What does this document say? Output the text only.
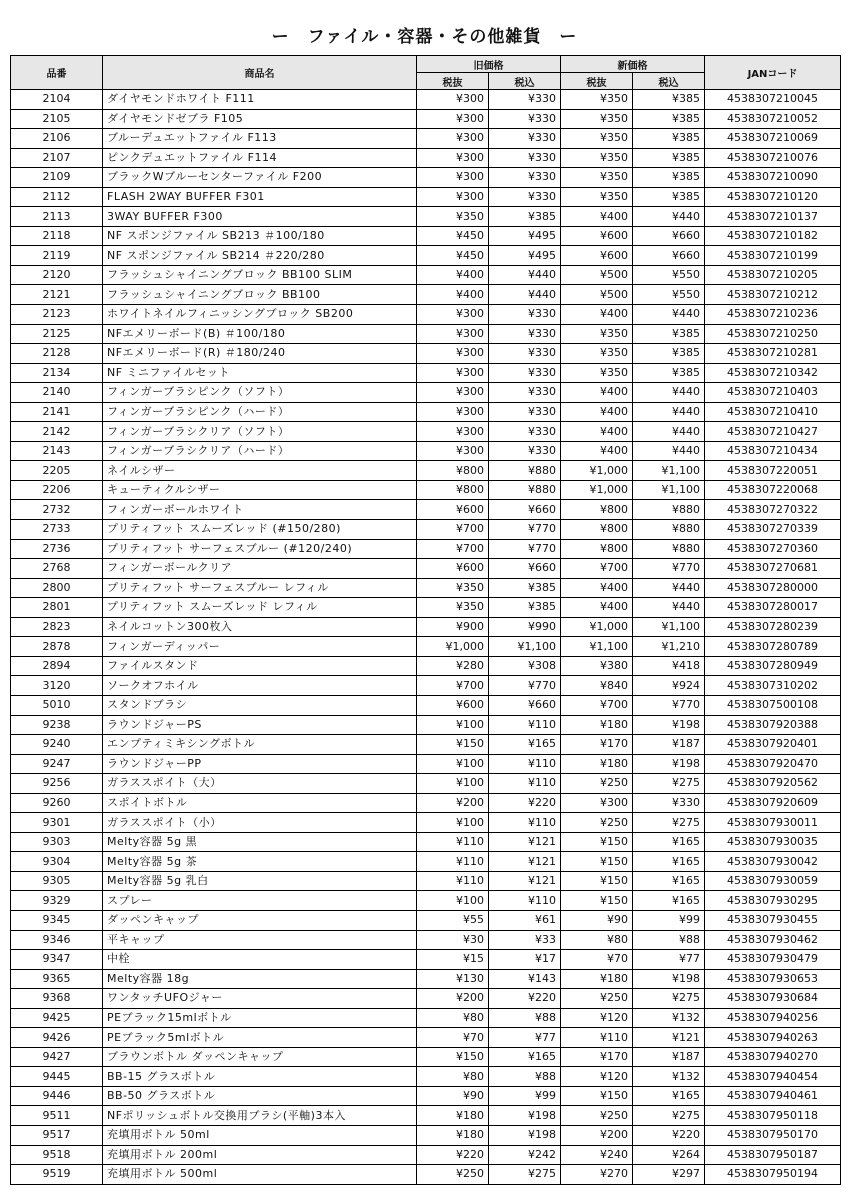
ー　ファイル・容器・その他雑貨　ー
品番	商品名	旧価格		新価格		JANコード
		税抜	税込	税抜	税込	
2104	ダイヤモンドホワイト F111	¥300	¥330	¥350	¥385	4538307210045
2105	ダイヤモンドゼブラ F105	¥300	¥330	¥350	¥385	4538307210052
2106	ブルーデュエットファイル F113	¥300	¥330	¥350	¥385	4538307210069
2107	ピンクデュエットファイル F114	¥300	¥330	¥350	¥385	4538307210076
2109	ブラックWブルーセンターファイル F200	¥300	¥330	¥350	¥385	4538307210090
2112	FLASH 2WAY BUFFER F301	¥300	¥330	¥350	¥385	4538307210120
2113	3WAY BUFFER F300	¥350	¥385	¥400	¥440	4538307210137
2118	NF スポンジファイル SB213 ＃100/180	¥450	¥495	¥600	¥660	4538307210182
2119	NF スポンジファイル SB214 ＃220/280	¥450	¥495	¥600	¥660	4538307210199
2120	フラッシュシャイニングブロック BB100 SLIM	¥400	¥440	¥500	¥550	4538307210205
2121	フラッシュシャイニングブロック BB100	¥400	¥440	¥500	¥550	4538307210212
2123	ホワイトネイルフィニッシングブロック SB200	¥300	¥330	¥400	¥440	4538307210236
2125	NFエメリーボード(B) ＃100/180	¥300	¥330	¥350	¥385	4538307210250
2128	NFエメリーボード(R) ＃180/240	¥300	¥330	¥350	¥385	4538307210281
2134	NF ミニファイルセット	¥300	¥330	¥350	¥385	4538307210342
2140	フィンガーブラシピンク（ソフト）	¥300	¥330	¥400	¥440	4538307210403
2141	フィンガーブラシピンク（ハード）	¥300	¥330	¥400	¥440	4538307210410
2142	フィンガーブラシクリア（ソフト）	¥300	¥330	¥400	¥440	4538307210427
2143	フィンガーブラシクリア（ハード）	¥300	¥330	¥400	¥440	4538307210434
2205	ネイルシザー	¥800	¥880	¥1,000	¥1,100	4538307220051
2206	キューティクルシザー	¥800	¥880	¥1,000	¥1,100	4538307220068
2732	フィンガーボールホワイト	¥600	¥660	¥800	¥880	4538307270322
2733	プリティフット スムーズレッド (#150/280)	¥700	¥770	¥800	¥880	4538307270339
2736	プリティフット サーフェスブルー (#120/240)	¥700	¥770	¥800	¥880	4538307270360
2768	フィンガーボールクリア	¥600	¥660	¥700	¥770	4538307270681
2800	プリティフット サーフェスブルー レフィル	¥350	¥385	¥400	¥440	4538307280000
2801	プリティフット スムーズレッド レフィル	¥350	¥385	¥400	¥440	4538307280017
2823	ネイルコットン300枚入	¥900	¥990	¥1,000	¥1,100	4538307280239
2878	フィンガーディッパー	¥1,000	¥1,100	¥1,100	¥1,210	4538307280789
2894	ファイルスタンド	¥280	¥308	¥380	¥418	4538307280949
3120	ソークオフホイル	¥700	¥770	¥840	¥924	4538307310202
5010	スタンドブラシ	¥600	¥660	¥700	¥770	4538307500108
9238	ラウンドジャーPS	¥100	¥110	¥180	¥198	4538307920388
9240	エンプティミキシングボトル	¥150	¥165	¥170	¥187	4538307920401
9247	ラウンドジャーPP	¥100	¥110	¥180	¥198	4538307920470
9256	ガラススポイト（大）	¥100	¥110	¥250	¥275	4538307920562
9260	スポイトボトル	¥200	¥220	¥300	¥330	4538307920609
9301	ガラススポイト（小）	¥100	¥110	¥250	¥275	4538307930011
9303	Melty容器 5g 黒	¥110	¥121	¥150	¥165	4538307930035
9304	Melty容器 5g 茶	¥110	¥121	¥150	¥165	4538307930042
9305	Melty容器 5g 乳白	¥110	¥121	¥150	¥165	4538307930059
9329	スプレー	¥100	¥110	¥150	¥165	4538307930295
9345	ダッペンキャップ	¥55	¥61	¥90	¥99	4538307930455
9346	平キャップ	¥30	¥33	¥80	¥88	4538307930462
9347	中栓	¥15	¥17	¥70	¥77	4538307930479
9365	Melty容器 18g	¥130	¥143	¥180	¥198	4538307930653
9368	ワンタッチUFOジャー	¥200	¥220	¥250	¥275	4538307930684
9425	PEブラック15mlボトル	¥80	¥88	¥120	¥132	4538307940256
9426	PEブラック5mlボトル	¥70	¥77	¥110	¥121	4538307940263
9427	ブラウンボトル ダッペンキャップ	¥150	¥165	¥170	¥187	4538307940270
9445	BB-15 グラスボトル	¥80	¥88	¥120	¥132	4538307940454
9446	BB-50 グラスボトル	¥90	¥99	¥150	¥165	4538307940461
9511	NFポリッシュボトル交換用ブラシ(平軸)3本入	¥180	¥198	¥250	¥275	4538307950118
9517	充填用ボトル 50ml	¥180	¥198	¥200	¥220	4538307950170
9518	充填用ボトル 200ml	¥220	¥242	¥240	¥264	4538307950187
9519	充填用ボトル 500ml	¥250	¥275	¥270	¥297	4538307950194
